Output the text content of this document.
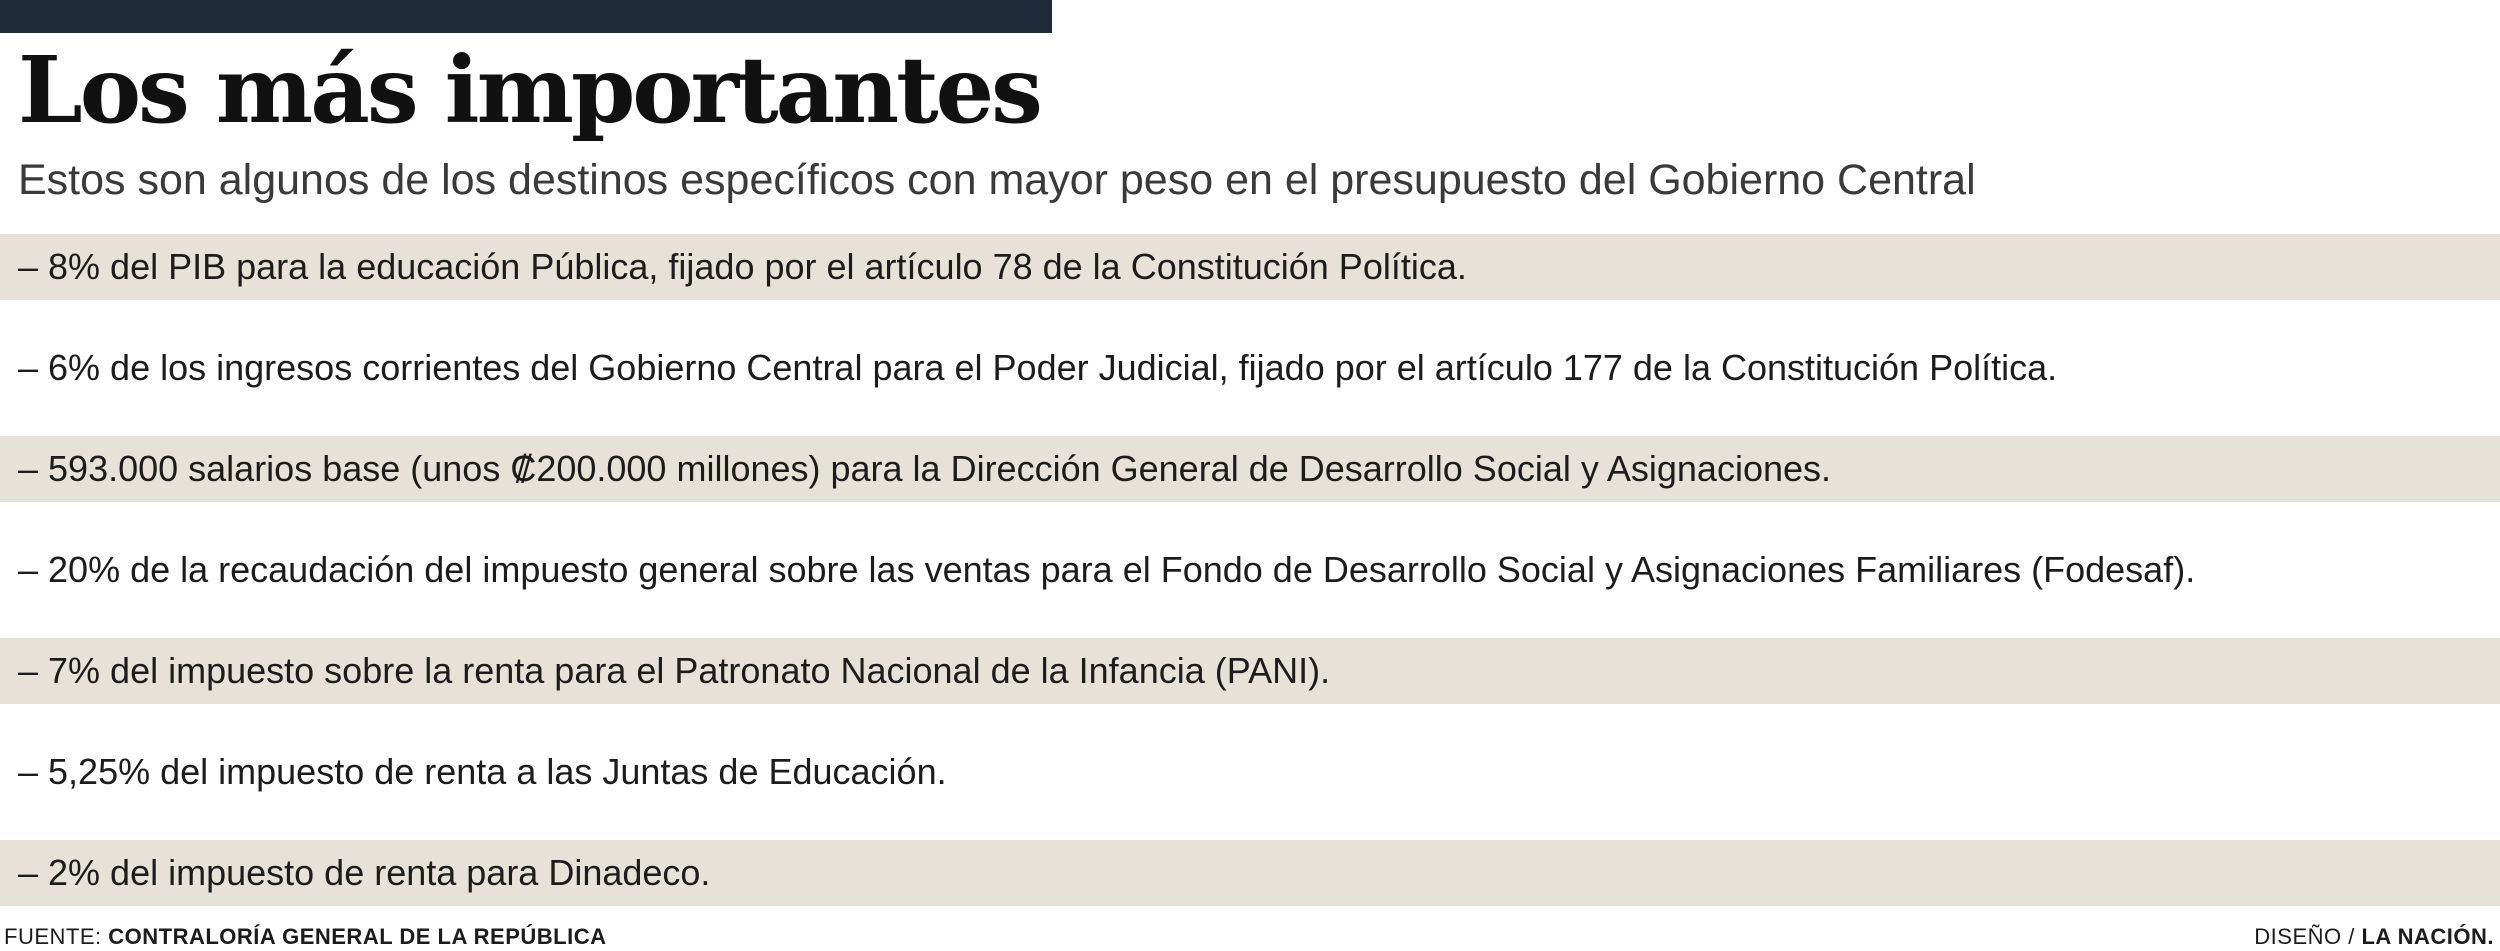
Los más importantes

Estos son algunos de los destinos específicos con mayor peso en el presupuesto del Gobierno Central

– 8% del PIB para la educación Pública, fijado por el artículo 78 de la Constitución Política.
– 6% de los ingresos corrientes del Gobierno Central para el Poder Judicial, fijado por el artículo 177 de la Constitución Política.
– 593.000 salarios base (unos ₡200.000 millones) para la Dirección General de Desarrollo Social y Asignaciones.
– 20% de la recaudación del impuesto general sobre las ventas para el Fondo de Desarrollo Social y Asignaciones Familiares (Fodesaf).
– 7% del impuesto sobre la renta para el Patronato Nacional de la Infancia (PANI).
– 5,25% del impuesto de renta a las Juntas de Educación.
– 2% del impuesto de renta para Dinadeco.
FUENTE: CONTRALORÍA GENERAL DE LA REPÚBLICA	DISEÑO / LA NACIÓN.
